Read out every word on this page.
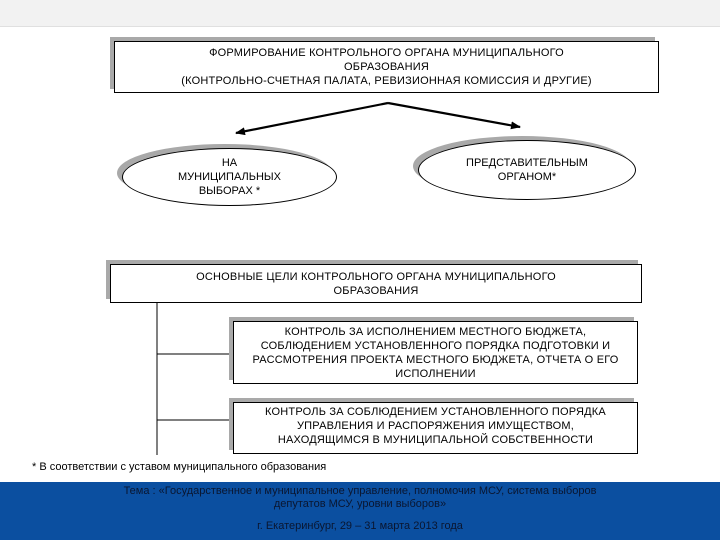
ФОРМИРОВАНИЕ КОНТРОЛЬНОГО ОРГАНА МУНИЦИПАЛЬНОГО
ОБРАЗОВАНИЯ
(КОНТРОЛЬНО-СЧЕТНАЯ ПАЛАТА, РЕВИЗИОННАЯ КОМИССИЯ И ДРУГИЕ)
НА
МУНИЦИПАЛЬНЫХ
ВЫБОРАХ *
ПРЕДСТАВИТЕЛЬНЫМ
ОРГАНОМ*
ОСНОВНЫЕ ЦЕЛИ КОНТРОЛЬНОГО ОРГАНА МУНИЦИПАЛЬНОГО
ОБРАЗОВАНИЯ
КОНТРОЛЬ ЗА ИСПОЛНЕНИЕМ МЕСТНОГО БЮДЖЕТА,
СОБЛЮДЕНИЕМ УСТАНОВЛЕННОГО ПОРЯДКА ПОДГОТОВКИ И
РАССМОТРЕНИЯ ПРОЕКТА МЕСТНОГО БЮДЖЕТА, ОТЧЕТА О ЕГО
ИСПОЛНЕНИИ
КОНТРОЛЬ ЗА СОБЛЮДЕНИЕМ УСТАНОВЛЕННОГО ПОРЯДКА
УПРАВЛЕНИЯ И РАСПОРЯЖЕНИЯ ИМУЩЕСТВОМ,
НАХОДЯЩИМСЯ В МУНИЦИПАЛЬНОЙ СОБСТВЕННОСТИ
* В соответствии с уставом муниципального образования
Тема : «Государственное и муниципальное управление, полномочия МСУ, система выборов депутатов МСУ, уровни выборов»
г. Екатеринбург, 29 – 31 марта 2013 года
